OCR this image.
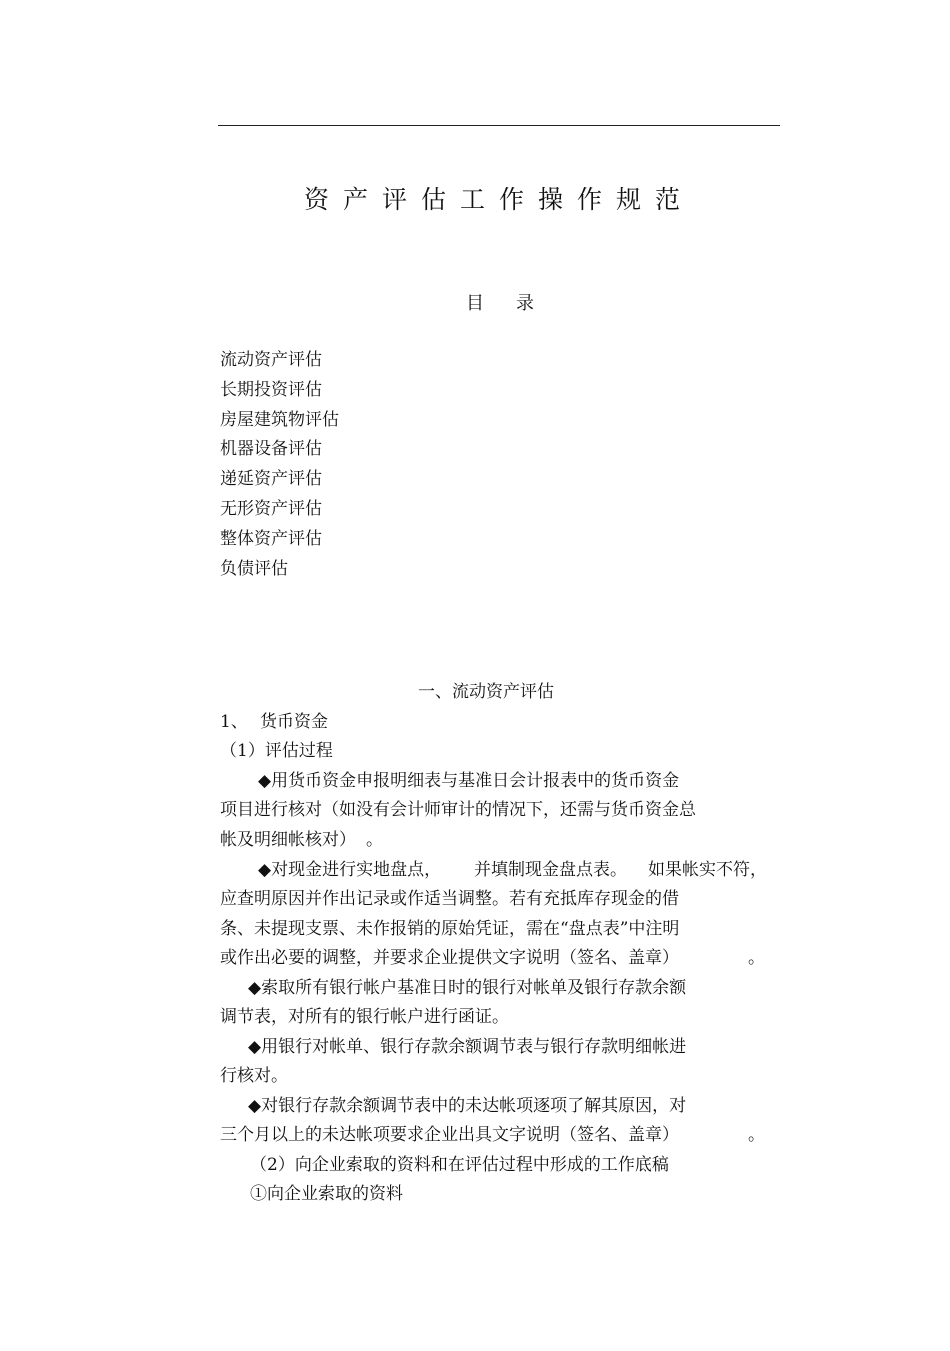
资产评估工作操作规范
目 录
流动资产评估
长期投资评估
房屋建筑物评估
机器设备评估
递延资产评估
无形资产评估
整体资产评估
负债评估
一、流动资产评估
1、 货币资金
（1）评估过程
◆用货币资金申报明细表与基准日会计报表中的货币资金
项目进行核对（如没有会计师审计的情况下，还需与货币资金总
帐及明细帐核对） 。
◆对现金进行实地盘点， 并填制现金盘点表。 如果帐实不符，
应查明原因并作出记录或作适当调整。若有充抵库存现金的借
条、未提现支票、未作报销的原始凭证，需在“盘点表”中注明
或作出必要的调整，并要求企业提供文字说明（签名、盖章）	。
◆索取所有银行帐户基准日时的银行对帐单及银行存款余额
调节表，对所有的银行帐户进行函证。
◆用银行对帐单、银行存款余额调节表与银行存款明细帐进
行核对。
◆对银行存款余额调节表中的未达帐项逐项了解其原因，对
三个月以上的未达帐项要求企业出具文字说明（签名、盖章）	。
（2）向企业索取的资料和在评估过程中形成的工作底稿
①向企业索取的资料
